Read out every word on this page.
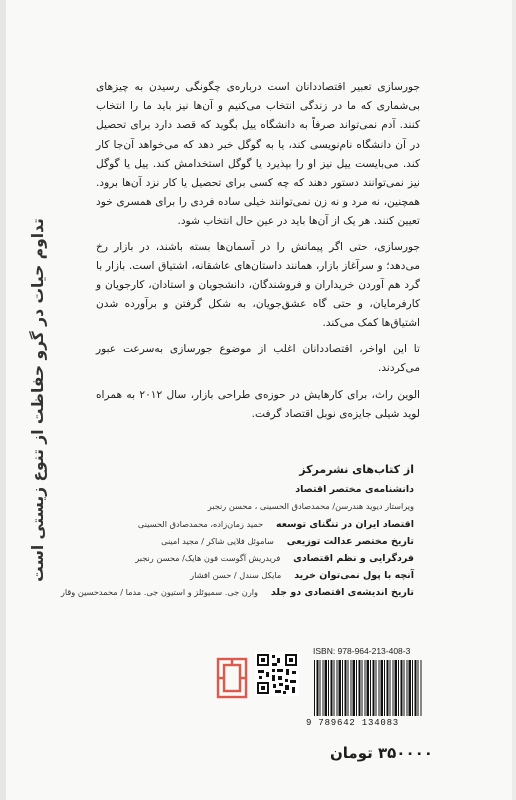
تداوم حیات در گرو حفاظت از تنوع زیستی است

جورسازی تعبیر اقتصاددانان است درباره‌ی چگونگی رسیدن به چیزهای بی‌شماری که ما در زندگی انتخاب می‌کنیم و آن‌ها نیز باید ما را انتخاب کنند. آدم نمی‌تواند صرفاً به دانشگاه ییل بگوید که قصد دارد برای تحصیل در آن دانشگاه نام‌نویسی کند، یا به گوگل خبر دهد که می‌خواهد آن‌جا کار کند. می‌بایست ییل نیز او را بپذیرد یا گوگل استخدامش کند. ییل یا گوگل نیز نمی‌توانند دستور دهند که چه کسی برای تحصیل یا کار نزد آن‌ها برود. همچنین، نه مرد و نه زن نمی‌توانند خیلی ساده فردی را برای همسری خود تعیین کنند. هر یک از آن‌ها باید در عین حال انتخاب شود.

جورسازی، حتی اگر پیمانش را در آسمان‌ها بسته باشند، در بازار رخ می‌دهد؛ و سرآغاز بازار، همانند داستان‌های عاشقانه، اشتیاق است. بازار با گرد هم آوردن خریداران و فروشندگان، دانشجویان و استادان، کارجویان و کارفرمایان، و حتی گاه عشق‌جویان، به شکل گرفتن و برآورده شدن اشتیاق‌ها کمک می‌کند.

تا این اواخر، اقتصاددانان اغلب از موضوع جورسازی به‌سرعت عبور می‌کردند.

الوین راث، برای کارهایش در حوزه‌ی طراحی بازار، سال ۲۰۱۲ به همراه لوید شیلی جایزه‌ی نوبل اقتصاد گرفت.

از کتاب‌های نشرمرکز
دانشنامه‌ی مختصر اقتصاد
ویراستار دیوید هندرسن/ محمدصادق الحسینی ، محسن رنجبر
اقتصاد ایران در تنگنای توسعه حمید زمان‌زاده، محمدصادق الحسینی
تاریخ مختصر عدالت توزیعی ساموئل فلایی شاکر / مجید امینی
فردگرایی و نظم اقتصادی فریدریش آگوست فون هایک/ محسن رنجبر
آنچه با پول نمی‌توان خرید مایکل سندل / حسن افشار
تاریخ اندیشه‌ی اقتصادی دو جلد وارن جی. سمیوئلز و استیون جی. مدما / محمدحسین وقار
ISBN: 978-964-213-408-3
9 789642 134083
۳۵۰۰۰۰ تومان
